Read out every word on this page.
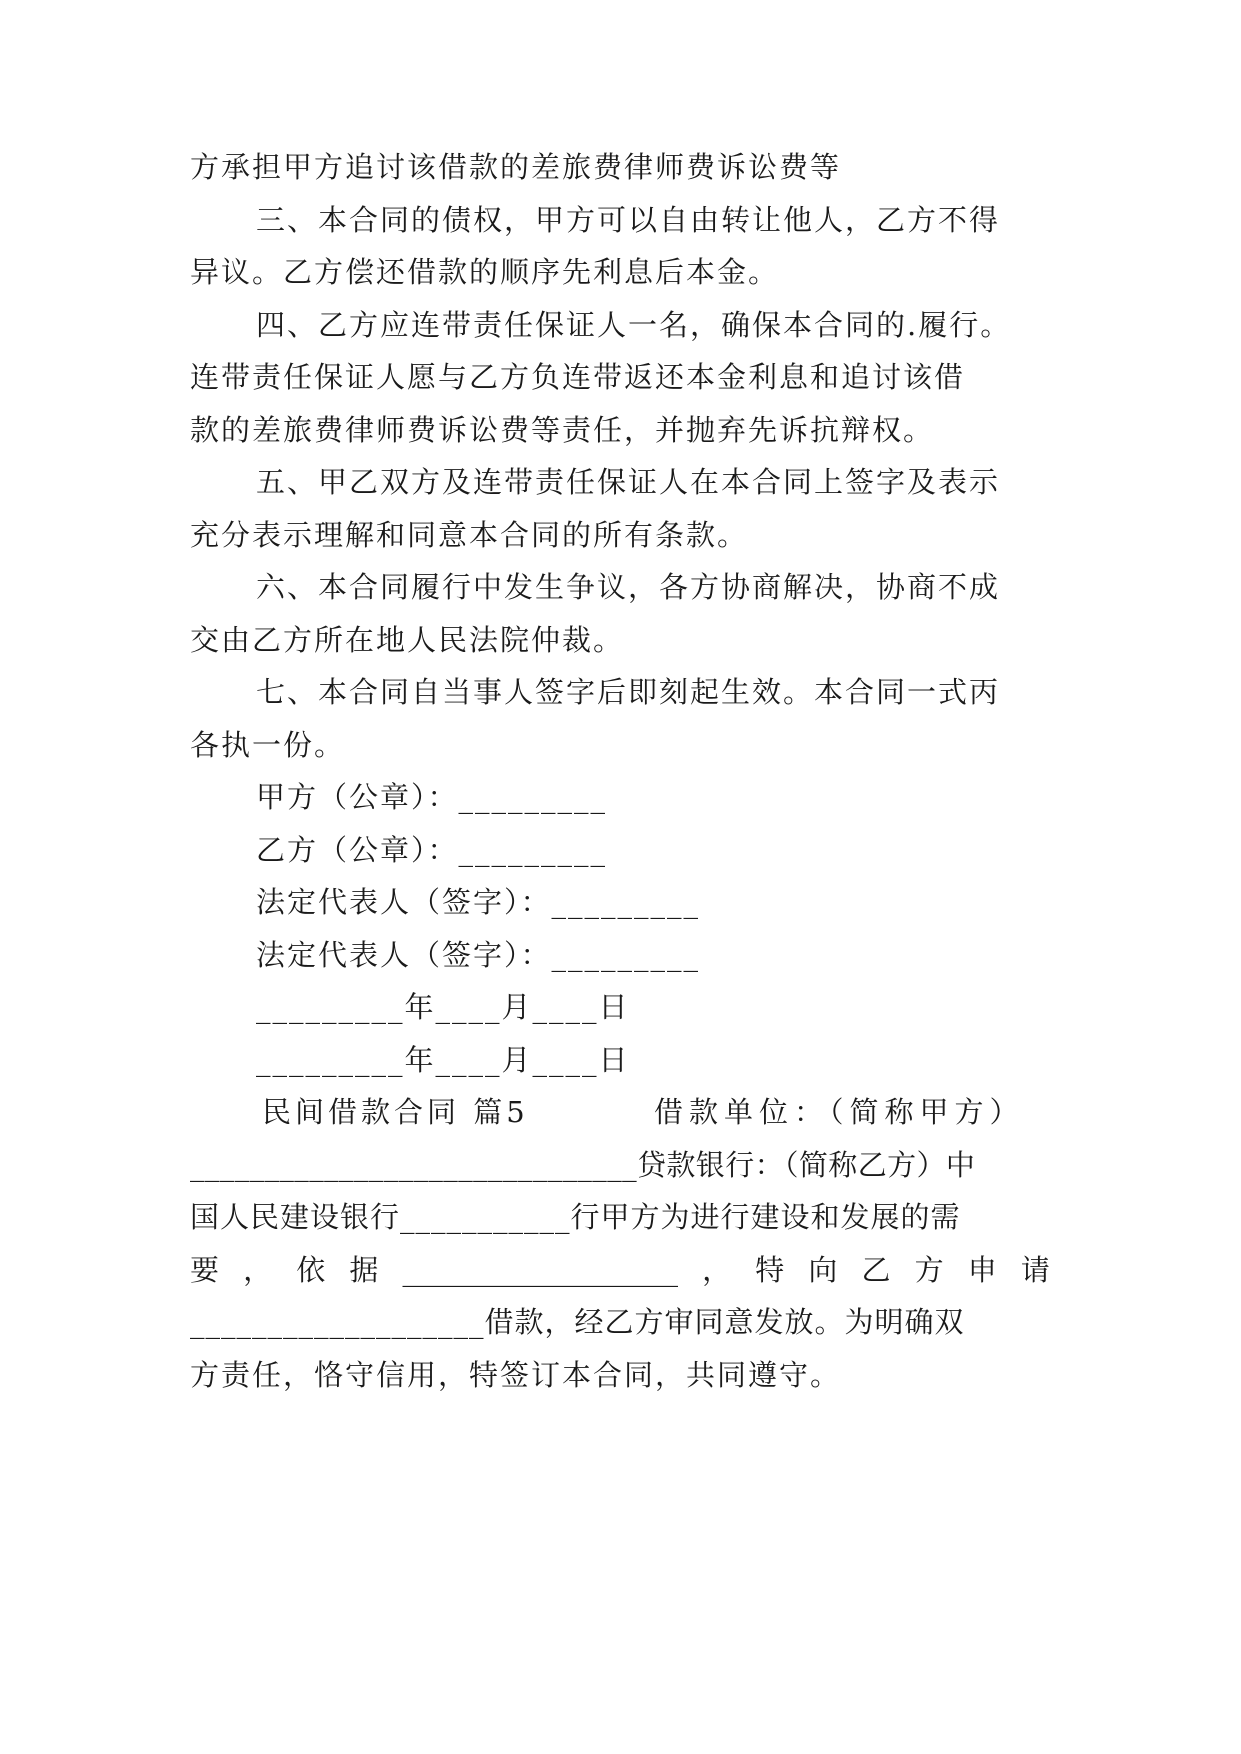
方承担甲方追讨该借款的差旅费律师费诉讼费等
三、本合同的债权，甲方可以自由转让他人，乙方不得
异议。乙方偿还借款的顺序先利息后本金。
四、乙方应连带责任保证人一名，确保本合同的.履行。
连带责任保证人愿与乙方负连带返还本金利息和追讨该借
款的差旅费律师费诉讼费等责任，并抛弃先诉抗辩权。
五、甲乙双方及连带责任保证人在本合同上签字及表示
充分表示理解和同意本合同的所有条款。
六、本合同履行中发生争议，各方协商解决，协商不成
交由乙方所在地人民法院仲裁。
七、本合同自当事人签字后即刻起生效。本合同一式丙
各执一份。
甲方（公章）：_________
乙方（公章）：_________
法定代表人（签字）：_________
法定代表人（签字）：_________
_________年____月____日
_________年____月____日
民间借款合同 篇5	借款单位：（简称甲方）
______________________________贷款银行：（简称乙方）中
国人民建设银行___________行甲方为进行建设和发展的需
要 ， 依 据 ___________________ ， 特 向 乙 方 申 请
___________________借款，经乙方审同意发放。为明确双
方责任，恪守信用，特签订本合同，共同遵守。
